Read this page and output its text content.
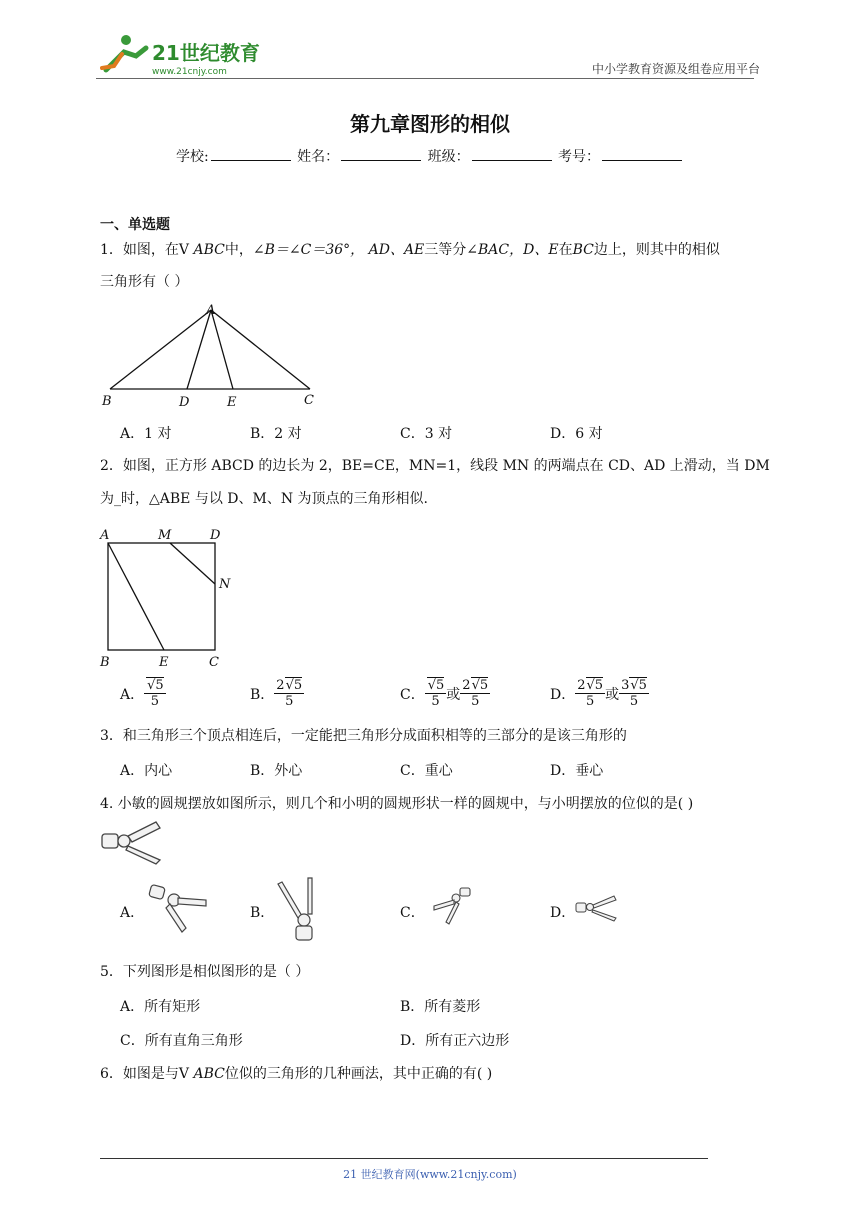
21世纪教育
www.21cnjy.com	中小学教育资源及组卷应用平台
第九章图形的相似
学校:	姓名：	班级：	考号：
一、单选题
1．如图，在V ABC中，∠B＝∠C＝36°， AD、AE三等分∠BAC，D、E在BC边上，则其中的相似
三角形有（ ）
A
B	D	E	C
A．1 对	B．2 对	C．3 对	D．6 对
2．如图，正方形 ABCD 的边长为 2，BE=CE，MN=1，线段 MN 的两端点在 CD、AD 上滑动，当 DM
为_时，△ABE 与以 D、M、N 为顶点的三角形相似.
A	M	D
N
B	E	C
A． $\frac{√5}{5}$	B． $\frac{2√5}{5}$	C． $\frac{√5}{5}$ 或 $\frac{2√5}{5}$	D． $\frac{2√5}{5}$ 或 $\frac{3√5}{5}$
3．和三角形三个顶点相连后，一定能把三角形分成面积相等的三部分的是该三角形的
A．内心	B．外心	C．重心	D．垂心
4. 小敏的圆规摆放如图所示，则几个和小明的圆规形状一样的圆规中，与小明摆放的位似的是( )
A．	B．	C．	D．
5．下列图形是相似图形的是（ ）
A．所有矩形	B．所有菱形
C．所有直角三角形	D．所有正六边形
6．如图是与V ABC位似的三角形的几种画法，其中正确的有( )
21 世纪教育网(www.21cnjy.com)
